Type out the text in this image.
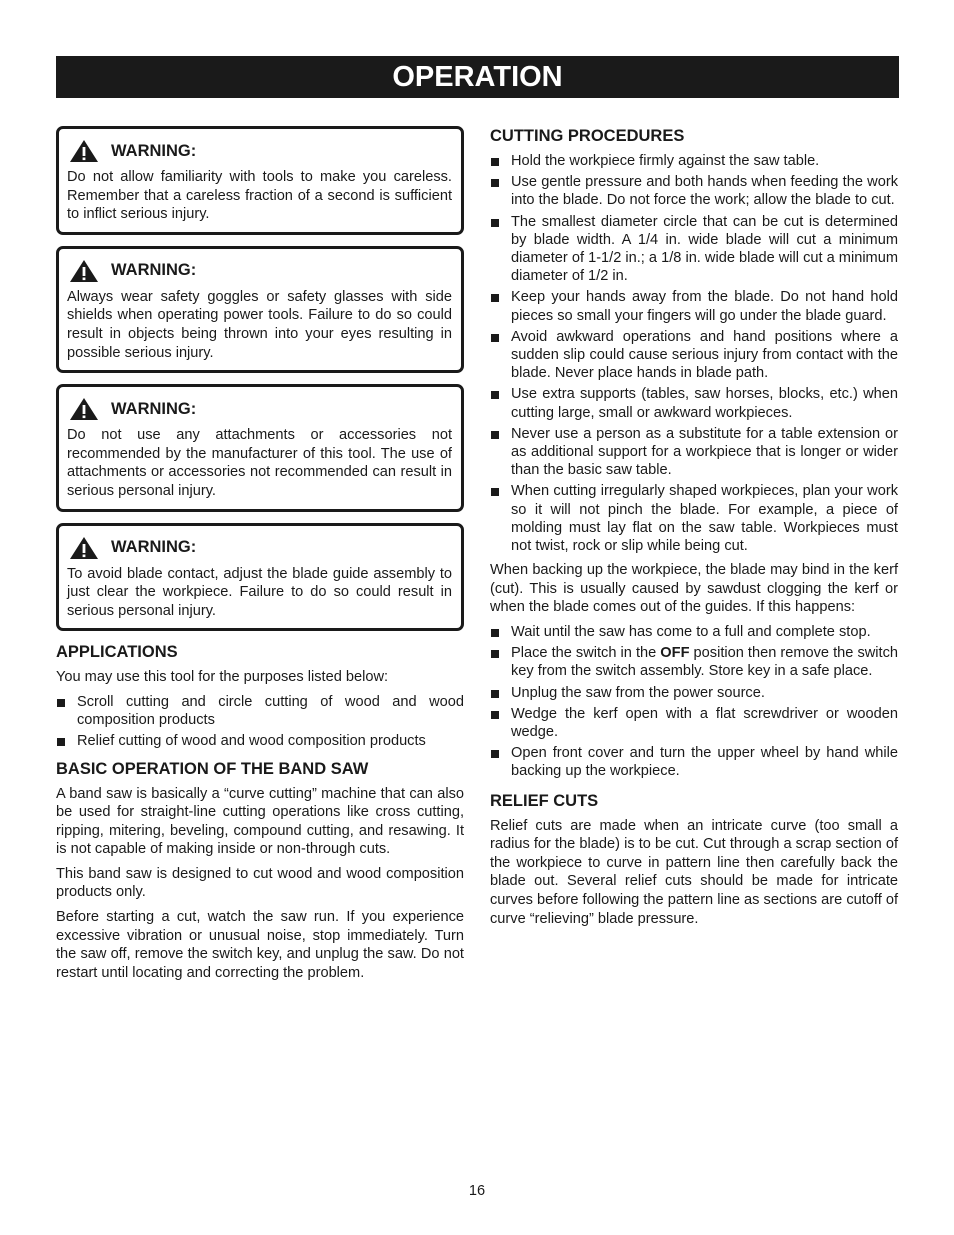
OPERATION
WARNING:
Do not allow familiarity with tools to make you careless. Remember that a careless fraction of a second is sufficient to inflict serious injury.
WARNING:
Always wear safety goggles or safety glasses with side shields when operating power tools. Failure to do so could result in objects being thrown into your eyes resulting in possible serious injury.
WARNING:
Do not use any attachments or accessories not recommended by the manufacturer of this tool. The use of attachments or accessories not recommended can result in serious personal injury.
WARNING:
To avoid blade contact, adjust the blade guide assembly to just clear the workpiece. Failure to do so could result in serious personal injury.
APPLICATIONS

You may use this tool for the purposes listed below:

Scroll cutting and circle cutting of wood and wood composition products
Relief cutting of wood and wood composition products
BASIC OPERATION OF THE BAND SAW

A band saw is basically a “curve cutting” machine that can also be used for straight-line cutting operations like cross cutting, ripping, mitering, beveling, compound cutting, and resawing. It is not capable of making inside or non-through cuts.

This band saw is designed to cut wood and wood composition products only.

Before starting a cut, watch the saw run. If you experience excessive vibration or unusual noise, stop immediately. Turn the saw off, remove the switch key, and unplug the saw. Do not restart until locating and correcting the problem.

CUTTING PROCEDURES
Hold the workpiece firmly against the saw table.
Use gentle pressure and both hands when feeding the work into the blade. Do not force the work; allow the blade to cut.
The smallest diameter circle that can be cut is determined by blade width. A 1/4 in. wide blade will cut a minimum diameter of 1-1/2 in.; a 1/8 in. wide blade will cut a minimum diameter of 1/2 in.
Keep your hands away from the blade. Do not hand hold pieces so small your fingers will go under the blade guard.
Avoid awkward operations and hand positions where a sudden slip could cause serious injury from contact with the blade. Never place hands in blade path.
Use extra supports (tables, saw horses, blocks, etc.) when cutting large, small or awkward workpieces.
Never use a person as a substitute for a table extension or as additional support for a workpiece that is longer or wider than the basic saw table.
When cutting irregularly shaped workpieces, plan your work so it will not pinch the blade. For example, a piece of molding must lay flat on the saw table. Workpieces must not twist, rock or slip while being cut.

When backing up the workpiece, the blade may bind in the kerf (cut). This is usually caused by sawdust clogging the kerf or when the blade comes out of the guides. If this happens:

Wait until the saw has come to a full and complete stop.
Place the switch in the OFF position then remove the switch key from the switch assembly. Store key in a safe place.
Unplug the saw from the power source.
Wedge the kerf open with a flat screwdriver or wooden wedge.
Open front cover and turn the upper wheel by hand while backing up the workpiece.
RELIEF CUTS

Relief cuts are made when an intricate curve (too small a radius for the blade) is to be cut. Cut through a scrap section of the workpiece to curve in pattern line then carefully back the blade out. Several relief cuts should be made for intricate curves before following the pattern line as sections are cutoff of curve “relieving” blade pressure.

16
